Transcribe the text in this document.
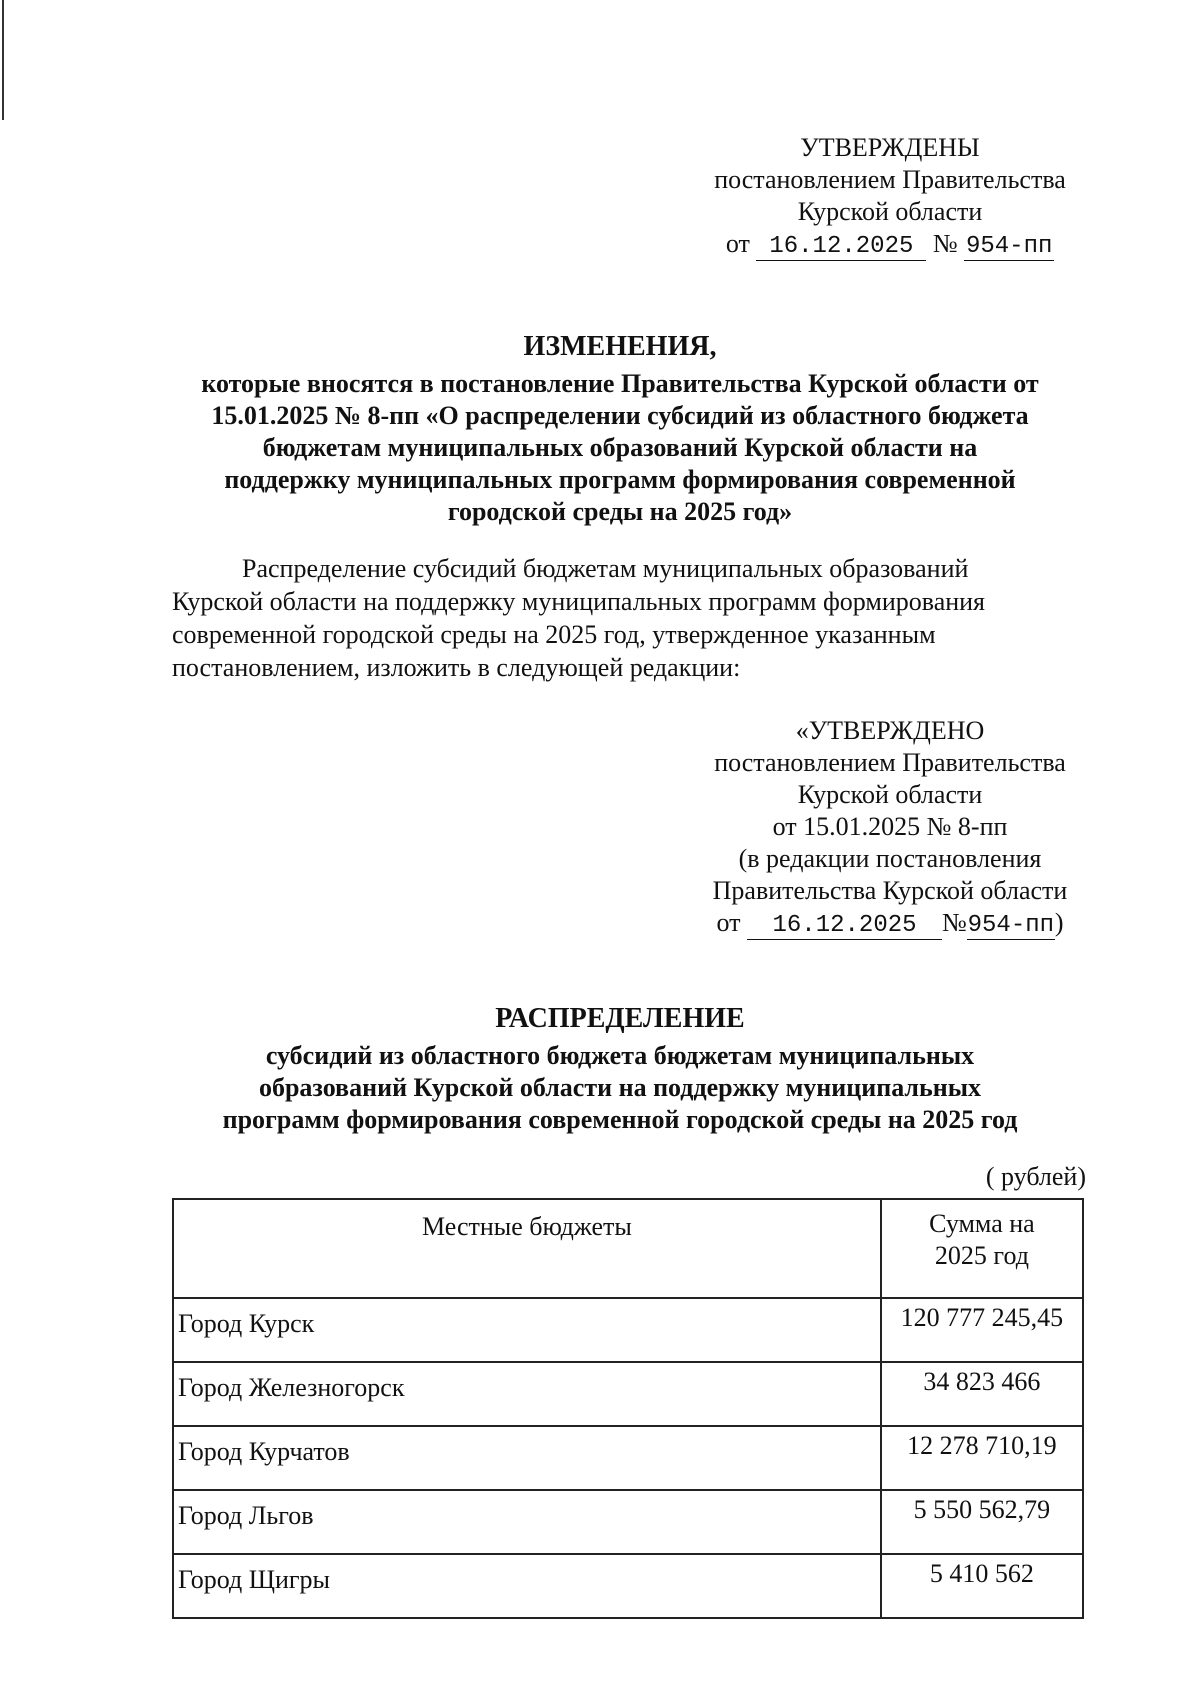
УТВЕРЖДЕНЫ
постановлением Правительства
Курской области
от 16.12.2025 № 954-пп
ИЗМЕНЕНИЯ,
которые вносятся в постановление Правительства Курской области от
15.01.2025 № 8-пп «О распределении субсидий из областного бюджета
бюджетам муниципальных образований Курской области на
поддержку муниципальных программ формирования современной
городской среды на 2025 год»
Распределение субсидий бюджетам муниципальных образований
Курской области на поддержку муниципальных программ формирования
современной городской среды на 2025 год, утвержденное указанным
постановлением, изложить в следующей редакции:
«УТВЕРЖДЕНО
постановлением Правительства
Курской области
от 15.01.2025 № 8-пп
(в редакции постановления
Правительства Курской области
от 16.12.2025 №954-пп)
РАСПРЕДЕЛЕНИЕ
субсидий из областного бюджета бюджетам муниципальных
образований Курской области на поддержку муниципальных
программ формирования современной городской среды на 2025 год
( рублей)
Местные бюджеты	Сумма на
2025 год

Город Курск	120 777 245,45
Город Железногорск	34 823 466
Город Курчатов	12 278 710,19
Город Льгов	5 550 562,79
Город Щигры	5 410 562
